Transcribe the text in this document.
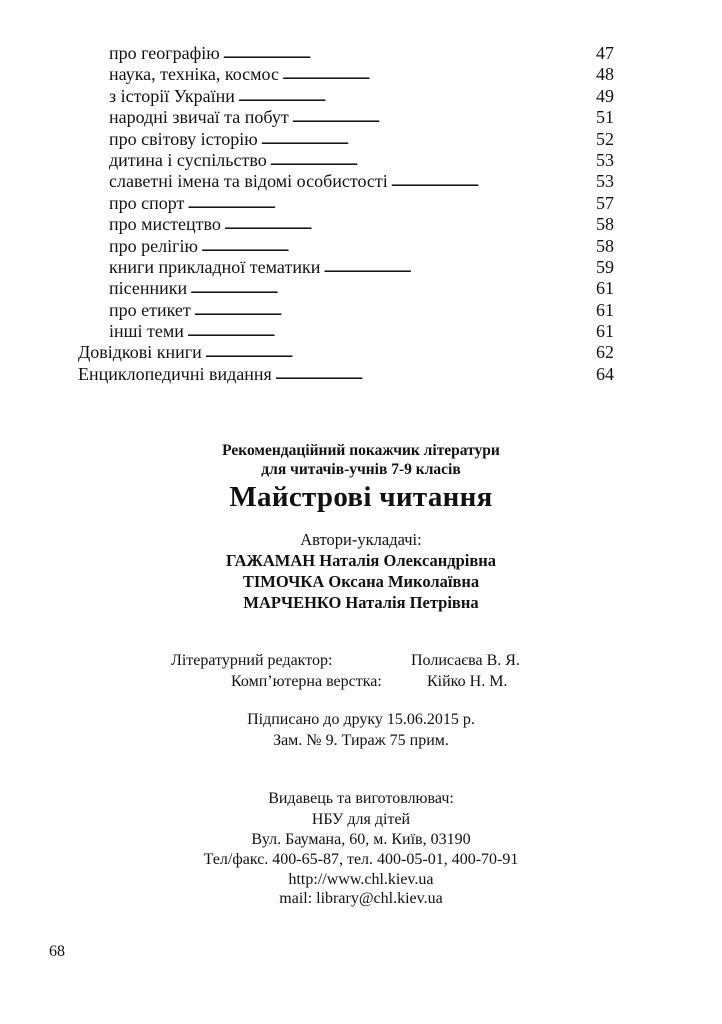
про географію . . .	47
наука, техніка, космос . . .	48
з історії України . . .	49
народні звичаї та побут . . .	51
про світову історію . . .	52
дитина і суспільство . . .	53
славетні імена та відомі особистості . . .	53
про спорт . . .	57
про мистецтво . . .	58
про релігію . . .	58
книги прикладної тематики . . .	59
пісенники . . .	61
про етикет . . .	61
інші теми . . .	61
Довідкові книги . . .	62
Енциклопедичні видання . . .	64
Рекомендаційний покажчик літератури
для читачів-учнів 7-9 класів
Майстрові читання
Автори-укладачі:
ГАЖАМАН Наталія Олександрівна
ТІМОЧКА Оксана Миколаївна
МАРЧЕНКО Наталія Петрівна
Літературний редактор:	Полисаєва В. Я.
Комп’ютерна верстка:	Кійко Н. М.
Підписано до друку 15.06.2015 р.
Зам. № 9. Тираж 75 прим.
Видавець та виготовлювач:
НБУ для дітей
Вул. Баумана, 60, м. Київ, 03190
Тел/факс. 400-65-87, тел. 400-05-01, 400-70-91
http://www.chl.kiev.ua
mail: library@chl.kiev.ua
68
